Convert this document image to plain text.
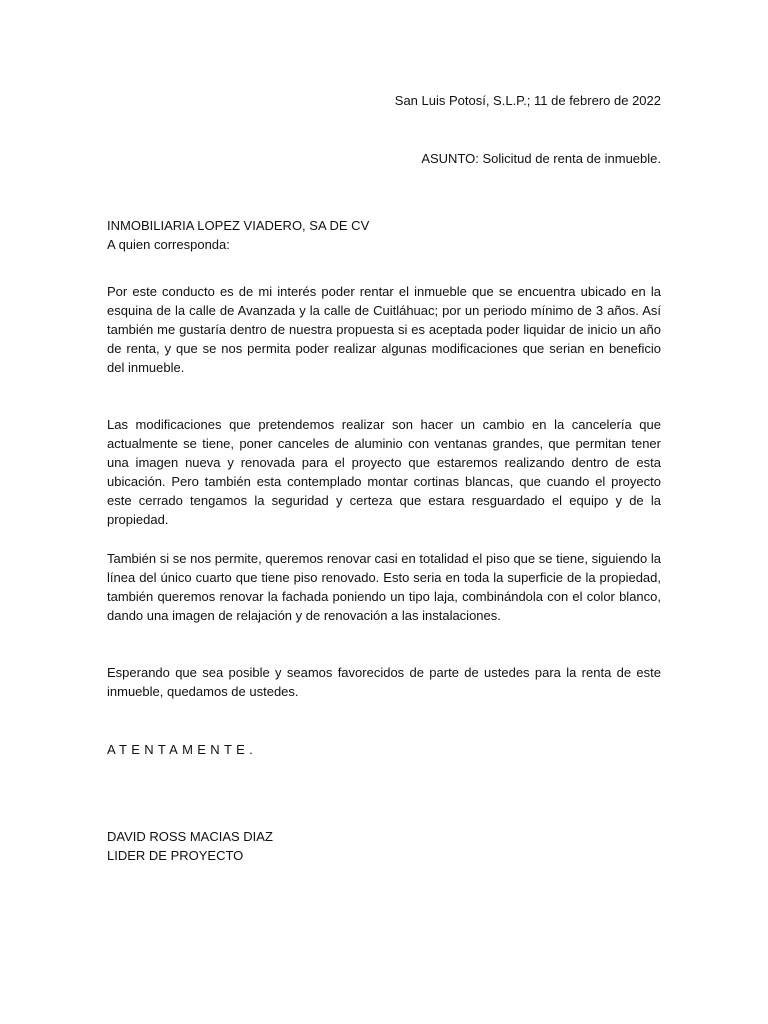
San Luis Potosí, S.L.P.; 11 de febrero de 2022
ASUNTO: Solicitud de renta de inmueble.
INMOBILIARIA LOPEZ VIADERO, SA DE CV
A quien corresponda:

Por este conducto es de mi interés poder rentar el inmueble que se encuentra ubicado en la esquina de la calle de Avanzada y la calle de Cuitláhuac; por un periodo mínimo de 3 años. Así también me gustaría dentro de nuestra propuesta si es aceptada poder liquidar de inicio un año de renta, y que se nos permita poder realizar algunas modificaciones que serian en beneficio del inmueble.

Las modificaciones que pretendemos realizar son hacer un cambio en la cancelería que actualmente se tiene, poner canceles de aluminio con ventanas grandes, que permitan tener una imagen nueva y renovada para el proyecto que estaremos realizando dentro de esta ubicación. Pero también esta contemplado montar cortinas blancas, que cuando el proyecto este cerrado tengamos la seguridad y certeza que estara resguardado el equipo y de la propiedad.

También si se nos permite, queremos renovar casi en totalidad el piso que se tiene, siguiendo la línea del único cuarto que tiene piso renovado. Esto seria en toda la superficie de la propiedad, también queremos renovar la fachada poniendo un tipo laja, combinándola con el color blanco, dando una imagen de relajación y de renovación a las instalaciones.

Esperando que sea posible y seamos favorecidos de parte de ustedes para la renta de este inmueble, quedamos de ustedes.

ATENTAMENTE.
DAVID ROSS MACIAS DIAZ
LIDER DE PROYECTO
